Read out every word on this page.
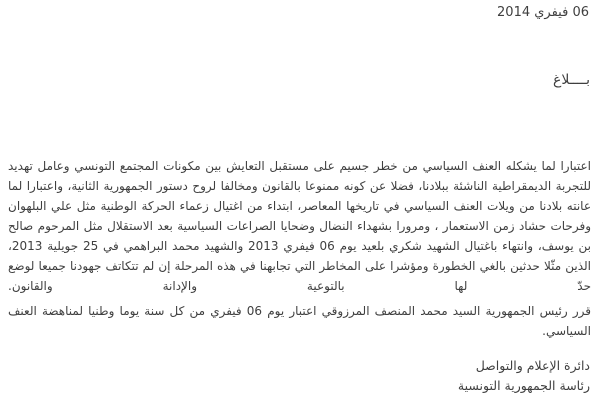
06 فيفري 2014
بــــلاغ

اعتبارا لما يشكله العنف السياسي من خطر جسيم على مستقبل التعايش بين مكونات المجتمع التونسي وعامل تهديد للتجربة الديمقراطية الناشئة ببلادنا، فضلا عن كونه ممنوعا بالقانون ومخالفا لروح دستور الجمهورية الثانية، واعتبارا لما عانته بلادنا من ويلات العنف السياسي في تاريخها المعاصر، ابتداء من اغتيال زعماء الحركة الوطنية مثل علي البلهوان وفرحات حشاد زمن الاستعمار ، ومرورا بشهداء النضال وضحايا الصراعات السياسية بعد الاستقلال مثل المرحوم صالح بن يوسف، وانتهاء باغتيال الشهيد شكري بلعيد يوم 06 فيفري 2013 والشهيد محمد البراهمي في 25 جويلية 2013، الذين مثّلا حدثين بالغي الخطورة ومؤشرا على المخاطر التي تجابهنا في هذه المرحلة إن لم تتكاتف جهودنا جميعا لوضع حدّ لها بالتوعية والإدانة والقانون.

قرر رئيس الجمهورية السيد محمد المنصف المرزوقي اعتبار يوم 06 فيفري من كل سنة يوما وطنيا لمناهضة العنف السياسي.

دائرة الإعلام والتواصل
رئاسة الجمهورية التونسية
